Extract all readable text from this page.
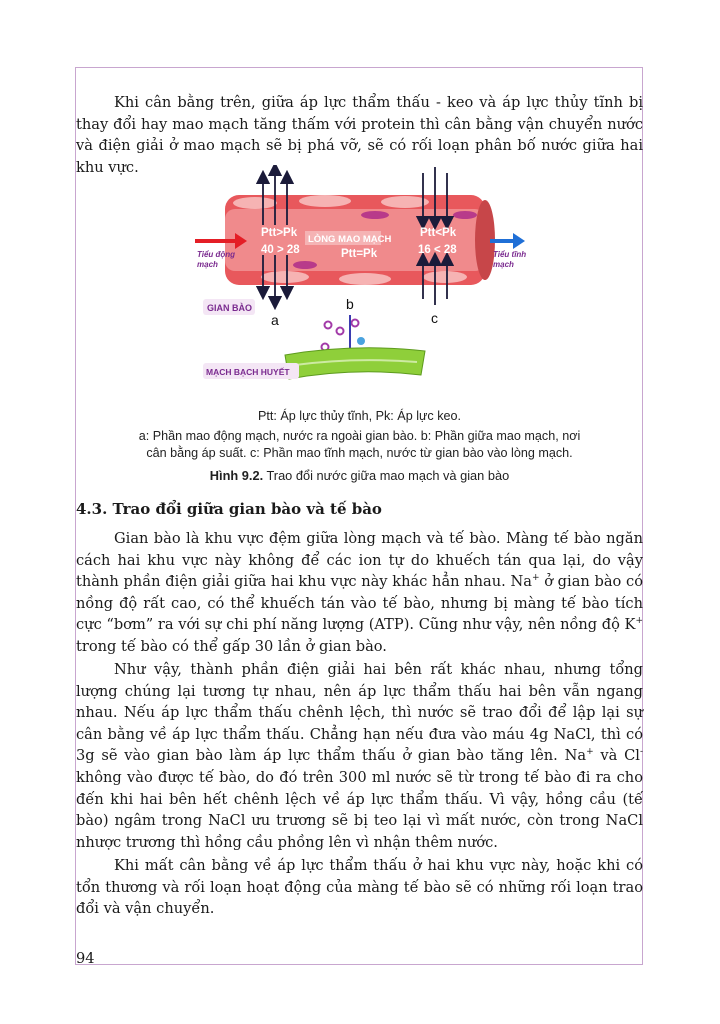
Khi cân bằng trên, giữa áp lực thẩm thấu - keo và áp lực thủy tĩnh bị thay đổi hay mao mạch tăng thấm với protein thì cân bằng vận chuyển nước và điện giải ở mao mạch sẽ bị phá vỡ, sẽ có rối loạn phân bố nước giữa hai khu vực.

Ptt>Pk
40 > 28	Ptt=Pk
Ptt<Pk
16 < 28
LÒNG MAO MẠCH
Tiểu động
mạch
Tiểu tĩnh
mạch
GIAN BÀO
a
b
c
MẠCH BẠCH HUYẾT

Ptt: Áp lực thủy tĩnh, Pk: Áp lực keo.

a: Phần mao động mạch, nước ra ngoài gian bào. b: Phần giữa mao mạch, nơi cân bằng áp suất. c: Phần mao tĩnh mạch, nước từ gian bào vào lòng mạch.

Hình 9.2. Trao đổi nước giữa mao mạch và gian bào

4.3. Trao đổi giữa gian bào và tế bào

Gian bào là khu vực đệm giữa lòng mạch và tế bào. Màng tế bào ngăn cách hai khu vực này không để các ion tự do khuếch tán qua lại, do vậy thành phần điện giải giữa hai khu vực này khác hẳn nhau. Na+ ở gian bào có nồng độ rất cao, có thể khuếch tán vào tế bào, nhưng bị màng tế bào tích cực “bơm” ra với sự chi phí năng lượng (ATP). Cũng như vậy, nên nồng độ K+ trong tế bào có thể gấp 30 lần ở gian bào.

Như vậy, thành phần điện giải hai bên rất khác nhau, nhưng tổng lượng chúng lại tương tự nhau, nên áp lực thẩm thấu hai bên vẫn ngang nhau. Nếu áp lực thẩm thấu chênh lệch, thì nước sẽ trao đổi để lập lại sự cân bằng về áp lực thẩm thấu. Chẳng hạn nếu đưa vào máu 4g NaCl, thì có 3g sẽ vào gian bào làm áp lực thẩm thấu ở gian bào tăng lên. Na+ và Cl- không vào được tế bào, do đó trên 300 ml nước sẽ từ trong tế bào đi ra cho đến khi hai bên hết chênh lệch về áp lực thẩm thấu. Vì vậy, hồng cầu (tế bào) ngâm trong NaCl ưu trương sẽ bị teo lại vì mất nước, còn trong NaCl nhược trương thì hồng cầu phồng lên vì nhận thêm nước.

Khi mất cân bằng về áp lực thẩm thấu ở hai khu vực này, hoặc khi có tổn thương và rối loạn hoạt động của màng tế bào sẽ có những rối loạn trao đổi và vận chuyển.

94
